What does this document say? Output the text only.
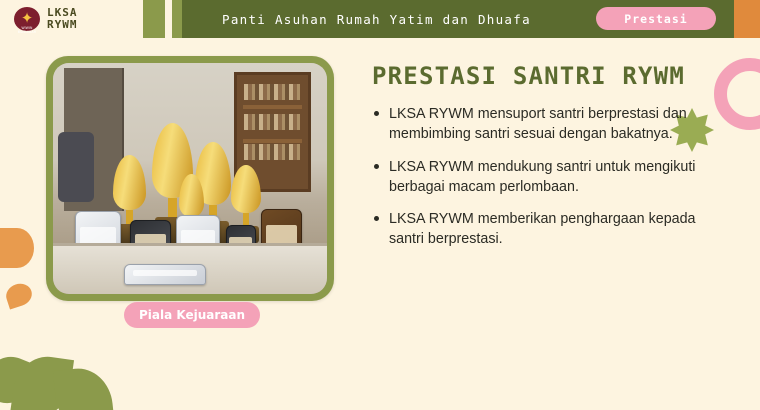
✦
WIWIN MUSLIMAH
LKSA
RYWM	Panti Asuhan Rumah Yatim dan Dhuafa	Prestasi
Piala Kejuaraan
PRESTASI SANTRI RYWM
LKSA RYWM mensuport santri berprestasi dan membimbing santri sesuai dengan bakatnya.
LKSA RYWM mendukung santri untuk mengikuti berbagai macam perlombaan.
LKSA RYWM memberikan penghargaan kepada santri berprestasi.
